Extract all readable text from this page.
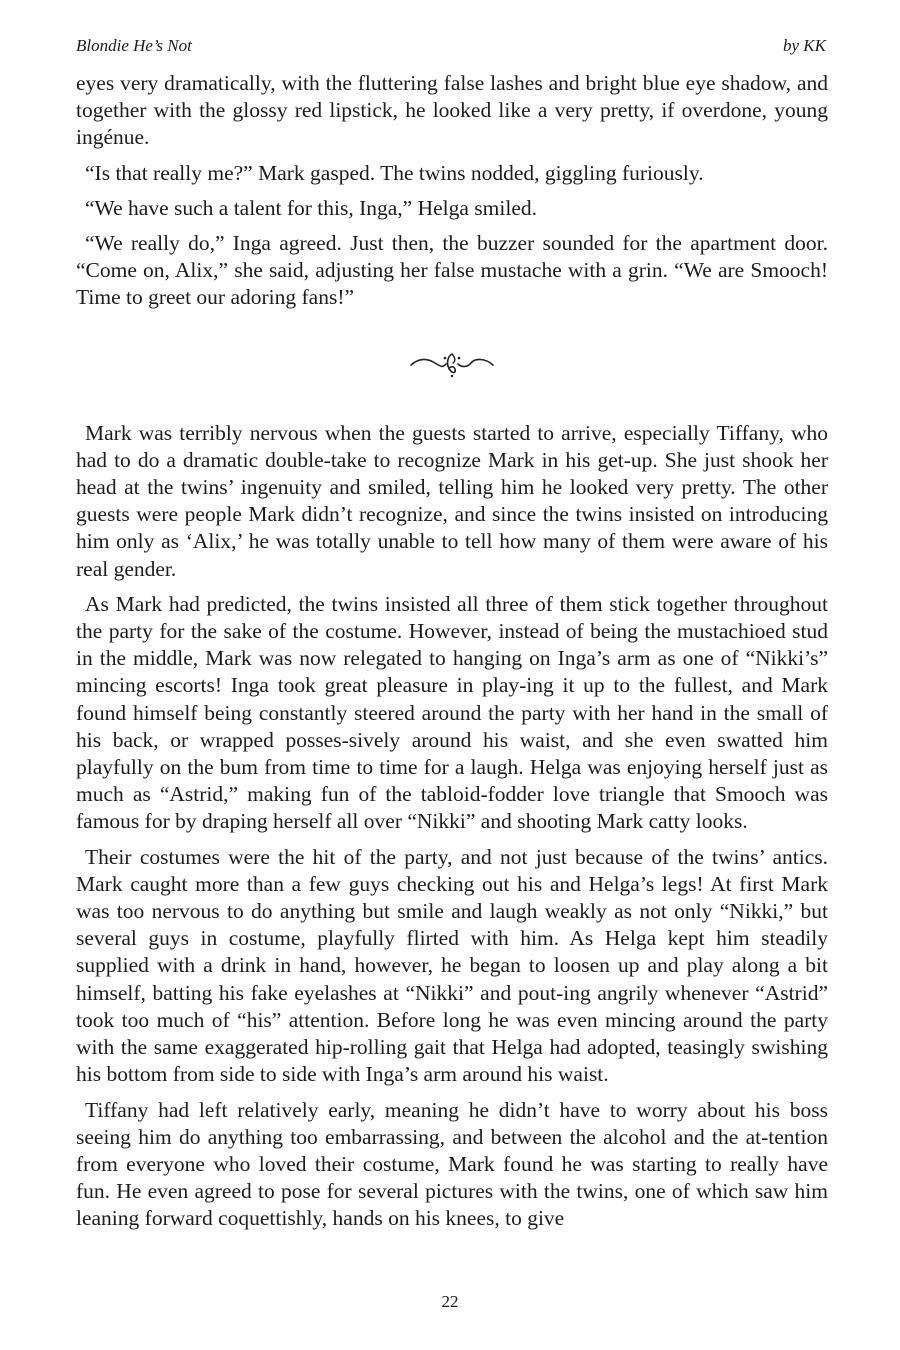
Blondie He’s Not	by KK

eyes very dramatically, with the fluttering false lashes and bright blue eye shadow, and together with the glossy red lipstick, he looked like a very pretty, if overdone, young ingénue.

“Is that really me?” Mark gasped. The twins nodded, giggling furiously.

“We have such a talent for this, Inga,” Helga smiled.

“We really do,” Inga agreed. Just then, the buzzer sounded for the apartment door. “Come on, Alix,” she said, adjusting her false mustache with a grin. “We are Smooch! Time to greet our adoring fans!”

Mark was terribly nervous when the guests started to arrive, especially Tiffany, who had to do a dramatic double-take to recognize Mark in his get-up. She just shook her head at the twins’ ingenuity and smiled, telling him he looked very pretty. The other guests were people Mark didn’t recognize, and since the twins insisted on introducing him only as ‘Alix,’ he was totally unable to tell how many of them were aware of his real gender.

As Mark had predicted, the twins insisted all three of them stick together throughout the party for the sake of the costume. However, instead of being the mustachioed stud in the middle, Mark was now relegated to hanging on Inga’s arm as one of “Nikki’s” mincing escorts! Inga took great pleasure in play-ing it up to the fullest, and Mark found himself being constantly steered around the party with her hand in the small of his back, or wrapped posses-sively around his waist, and she even swatted him playfully on the bum from time to time for a laugh. Helga was enjoying herself just as much as “Astrid,” making fun of the tabloid-fodder love triangle that Smooch was famous for by draping herself all over “Nikki” and shooting Mark catty looks.

Their costumes were the hit of the party, and not just because of the twins’ antics. Mark caught more than a few guys checking out his and Helga’s legs! At first Mark was too nervous to do anything but smile and laugh weakly as not only “Nikki,” but several guys in costume, playfully flirted with him. As Helga kept him steadily supplied with a drink in hand, however, he began to loosen up and play along a bit himself, batting his fake eyelashes at “Nikki” and pout-ing angrily whenever “Astrid” took too much of “his” attention. Before long he was even mincing around the party with the same exaggerated hip-rolling gait that Helga had adopted, teasingly swishing his bottom from side to side with Inga’s arm around his waist.

Tiffany had left relatively early, meaning he didn’t have to worry about his boss seeing him do anything too embarrassing, and between the alcohol and the at-tention from everyone who loved their costume, Mark found he was starting to really have fun. He even agreed to pose for several pictures with the twins, one of which saw him leaning forward coquettishly, hands on his knees, to give

22
